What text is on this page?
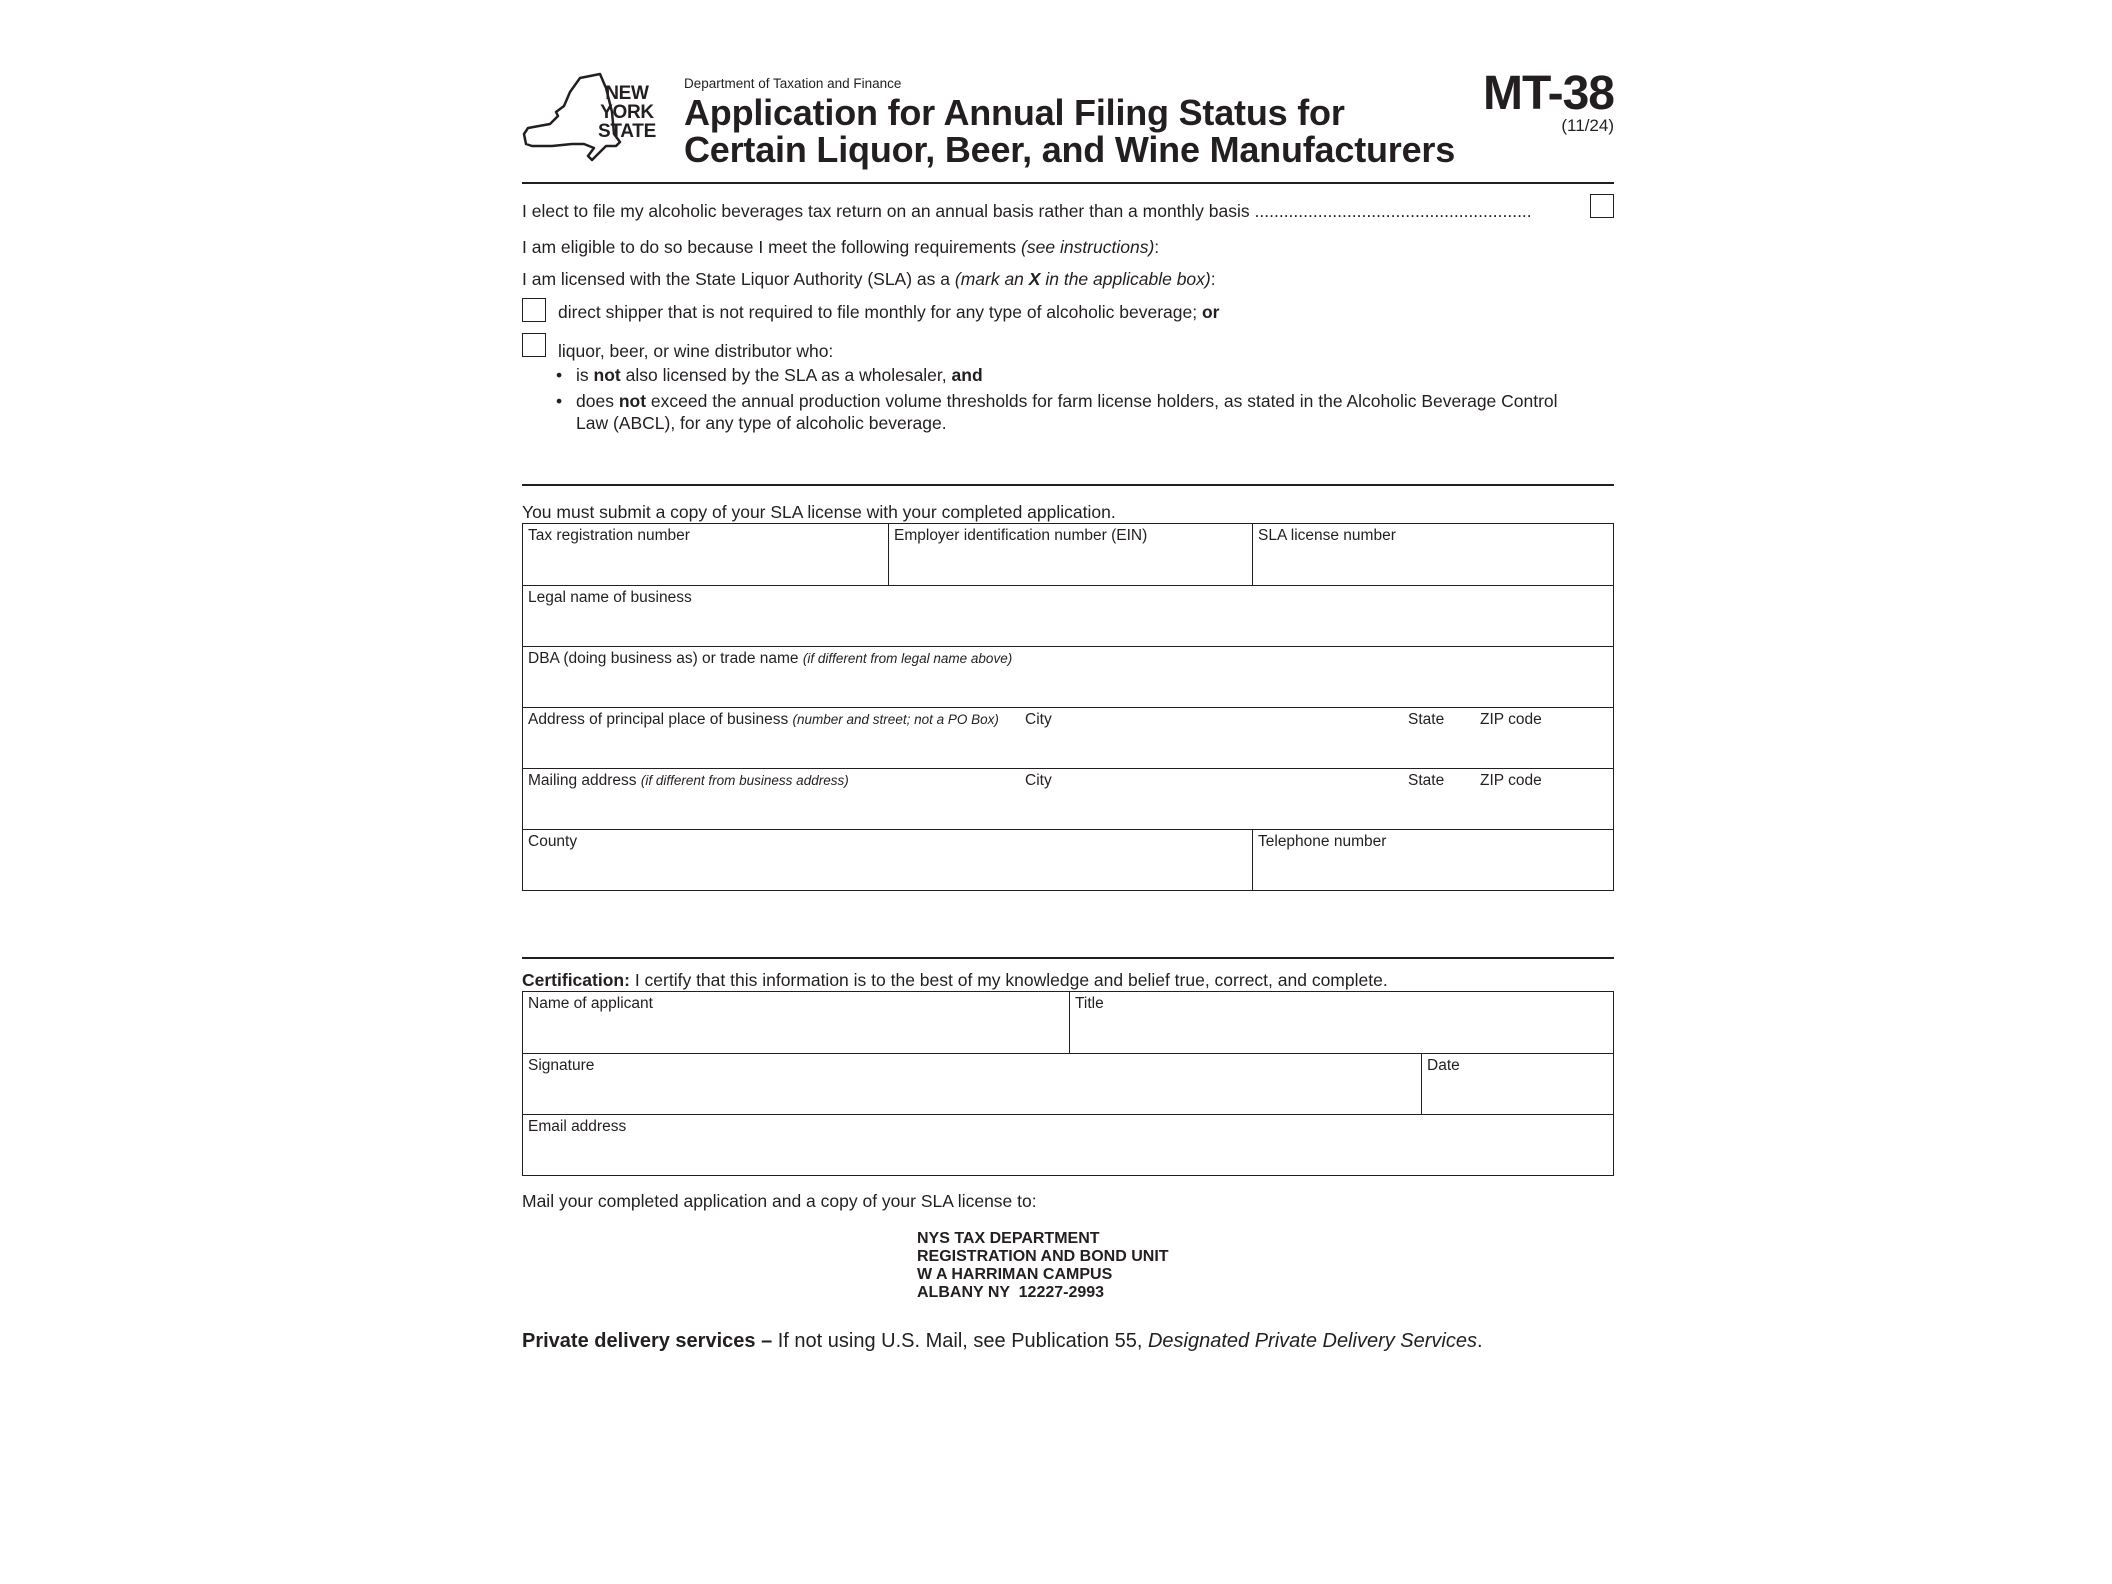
NEW
YORK
STATE
Department of Taxation and Finance
Application for Annual Filing Status for
Certain Liquor, Beer, and Wine Manufacturers
MT-38
(11/24)
I elect to file my alcoholic beverages tax return on an annual basis rather than a monthly basis .........................................................
I am eligible to do so because I meet the following requirements (see instructions):
I am licensed with the State Liquor Authority (SLA) as a (mark an X in the applicable box):
direct shipper that is not required to file monthly for any type of alcoholic beverage; or
liquor, beer, or wine distributor who:
• is not also licensed by the SLA as a wholesaler, and
• does not exceed the annual production volume thresholds for farm license holders, as stated in the Alcoholic Beverage Control
Law (ABCL), for any type of alcoholic beverage.
You must submit a copy of your SLA license with your completed application.
Tax registration number	Employer identification number (EIN)	SLA license number
Legal name of business
DBA (doing business as) or trade name (if different from legal name above)
Address of principal place of business (number and street; not a PO Box) City	State ZIP code
Mailing address (if different from business address)	City	State ZIP code
County	Telephone number
Certification: I certify that this information is to the best of my knowledge and belief true, correct, and complete.
Name of applicant	Title
Signature	Date
Email address
Mail your completed application and a copy of your SLA license to:
NYS TAX DEPARTMENT
REGISTRATION AND BOND UNIT
W A HARRIMAN CAMPUS
ALBANY NY  12227-2993
Private delivery services – If not using U.S. Mail, see Publication 55, Designated Private Delivery Services.
